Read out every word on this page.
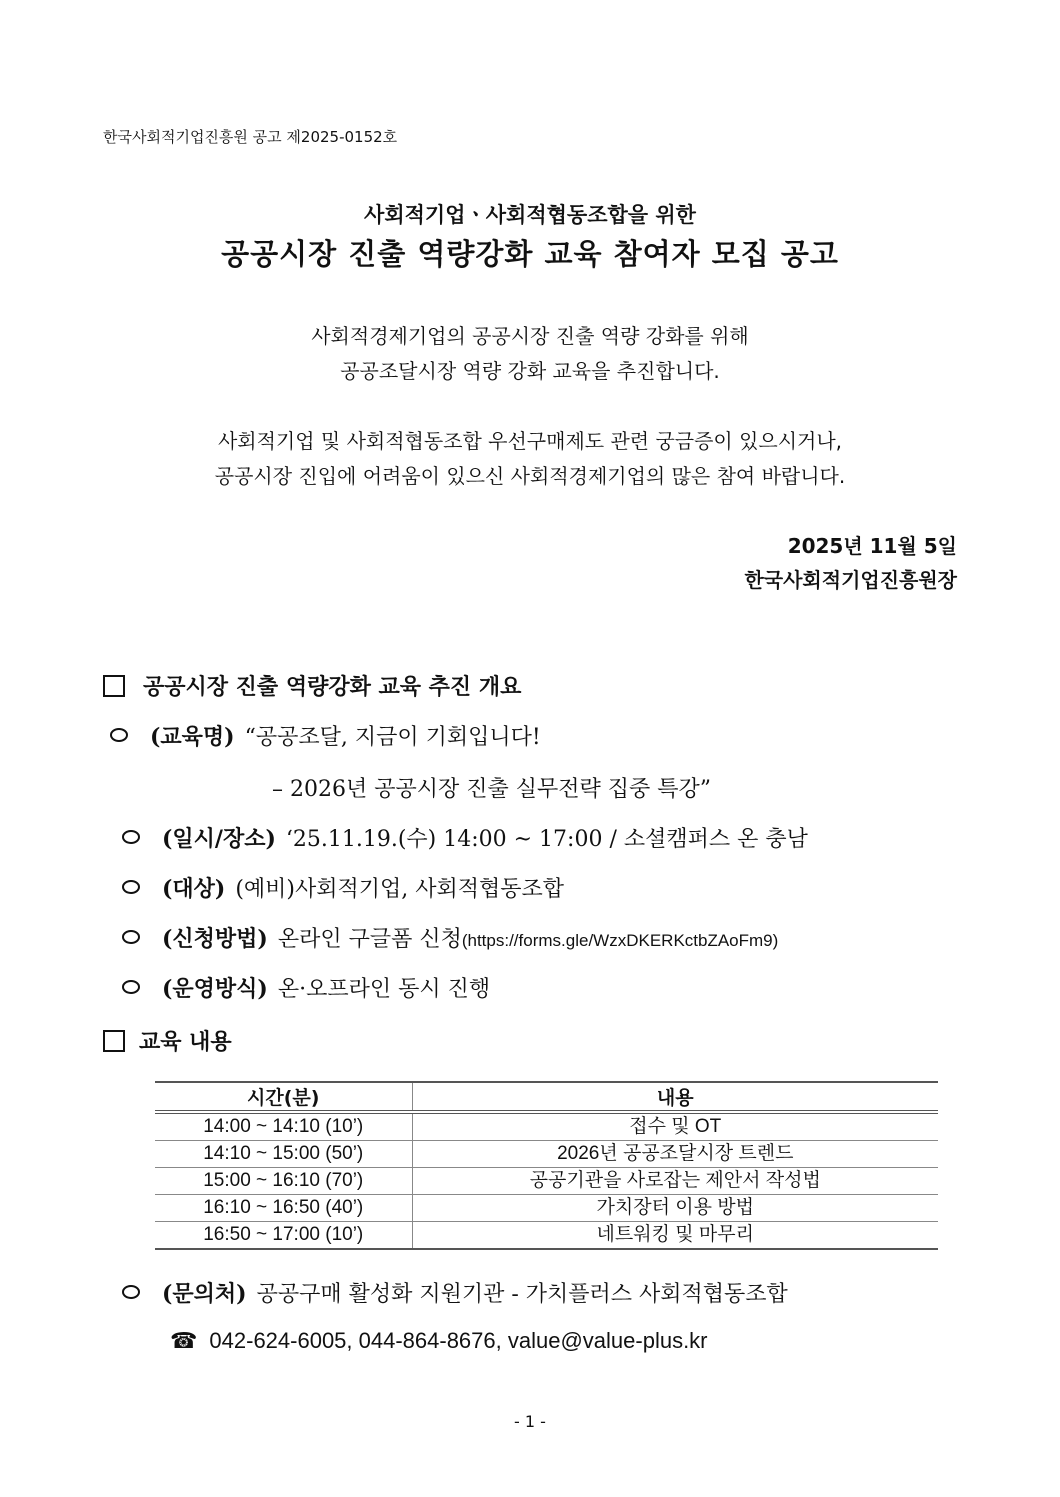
한국사회적기업진흥원 공고 제2025-0152호
사회적기업ㆍ사회적협동조합을 위한
공공시장 진출 역량강화 교육 참여자 모집 공고
사회적경제기업의 공공시장 진출 역량 강화를 위해
공공조달시장 역량 강화 교육을 추진합니다.
사회적기업 및 사회적협동조합 우선구매제도 관련 궁금증이 있으시거나,
공공시장 진입에 어려움이 있으신 사회적경제기업의 많은 참여 바랍니다.
2025년 11월 5일
한국사회적기업진흥원장
공공시장 진출 역량강화 교육 추진 개요
(교육명) “공공조달, 지금이 기회입니다!
– 2026년 공공시장 진출 실무전략 집중 특강”
(일시/장소) ‘25.11.19.(수) 14:00 ~ 17:00 / 소셜캠퍼스 온 충남
(대상) (예비)사회적기업, 사회적협동조합
(신청방법) 온라인 구글폼 신청 (https://forms.gle/WzxDKERKctbZAoFm9)
(운영방식) 온·오프라인 동시 진행
교육 내용
시간(분)	내용
14:00 ~ 14:10 (10’)	접수 및 OT
14:10 ~ 15:00 (50’)	2026년 공공조달시장 트렌드
15:00 ~ 16:10 (70’)	공공기관을 사로잡는 제안서 작성법
16:10 ~ 16:50 (40’)	가치장터 이용 방법
16:50 ~ 17:00 (10’)	네트워킹 및 마무리
(문의처) 공공구매 활성화 지원기관 - 가치플러스 사회적협동조합
☎ 042-624-6005, 044-864-8676, value@value-plus.kr
- 1 -
